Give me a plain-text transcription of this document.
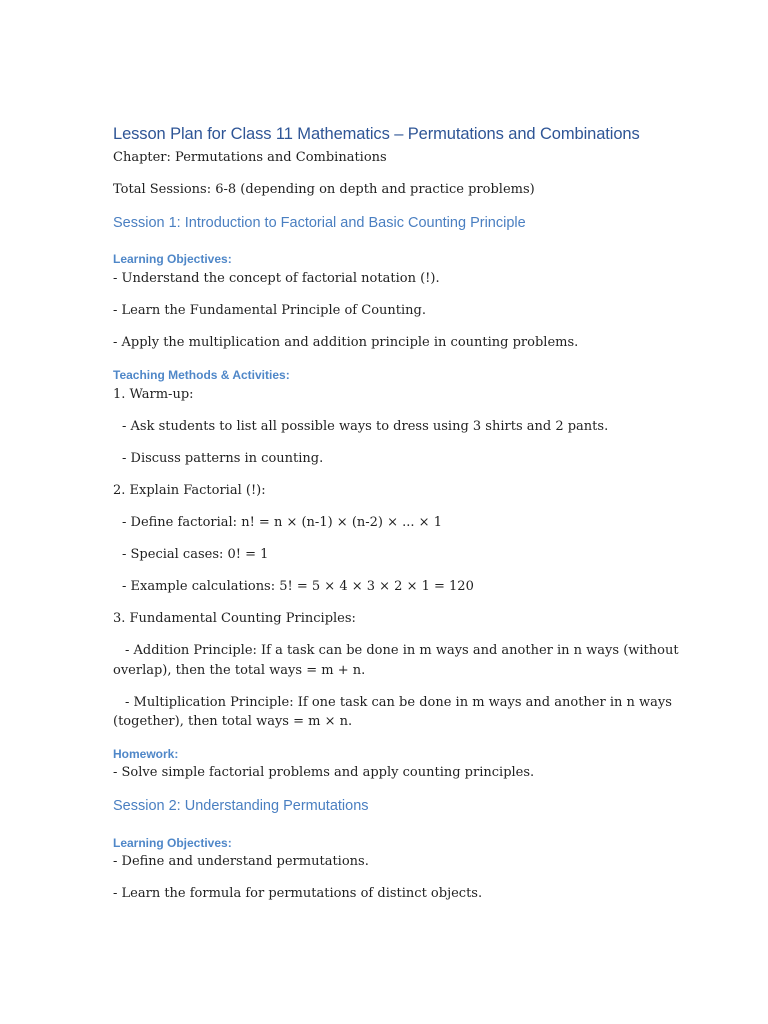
Lesson Plan for Class 11 Mathematics – Permutations and Combinations
Chapter: Permutations and Combinations
Total Sessions: 6-8 (depending on depth and practice problems)
Session 1: Introduction to Factorial and Basic Counting Principle
Learning Objectives:
- Understand the concept of factorial notation (!).
- Learn the Fundamental Principle of Counting.
- Apply the multiplication and addition principle in counting problems.
Teaching Methods & Activities:
1. Warm-up:
- Ask students to list all possible ways to dress using 3 shirts and 2 pants.
- Discuss patterns in counting.
2. Explain Factorial (!):
- Define factorial: n! = n × (n-1) × (n-2) × ... × 1
- Special cases: 0! = 1
- Example calculations: 5! = 5 × 4 × 3 × 2 × 1 = 120
3. Fundamental Counting Principles:
- Addition Principle: If a task can be done in m ways and another in n ways (without
overlap), then the total ways = m + n.
- Multiplication Principle: If one task can be done in m ways and another in n ways
(together), then total ways = m × n.
Homework:
- Solve simple factorial problems and apply counting principles.
Session 2: Understanding Permutations
Learning Objectives:
- Define and understand permutations.
- Learn the formula for permutations of distinct objects.
